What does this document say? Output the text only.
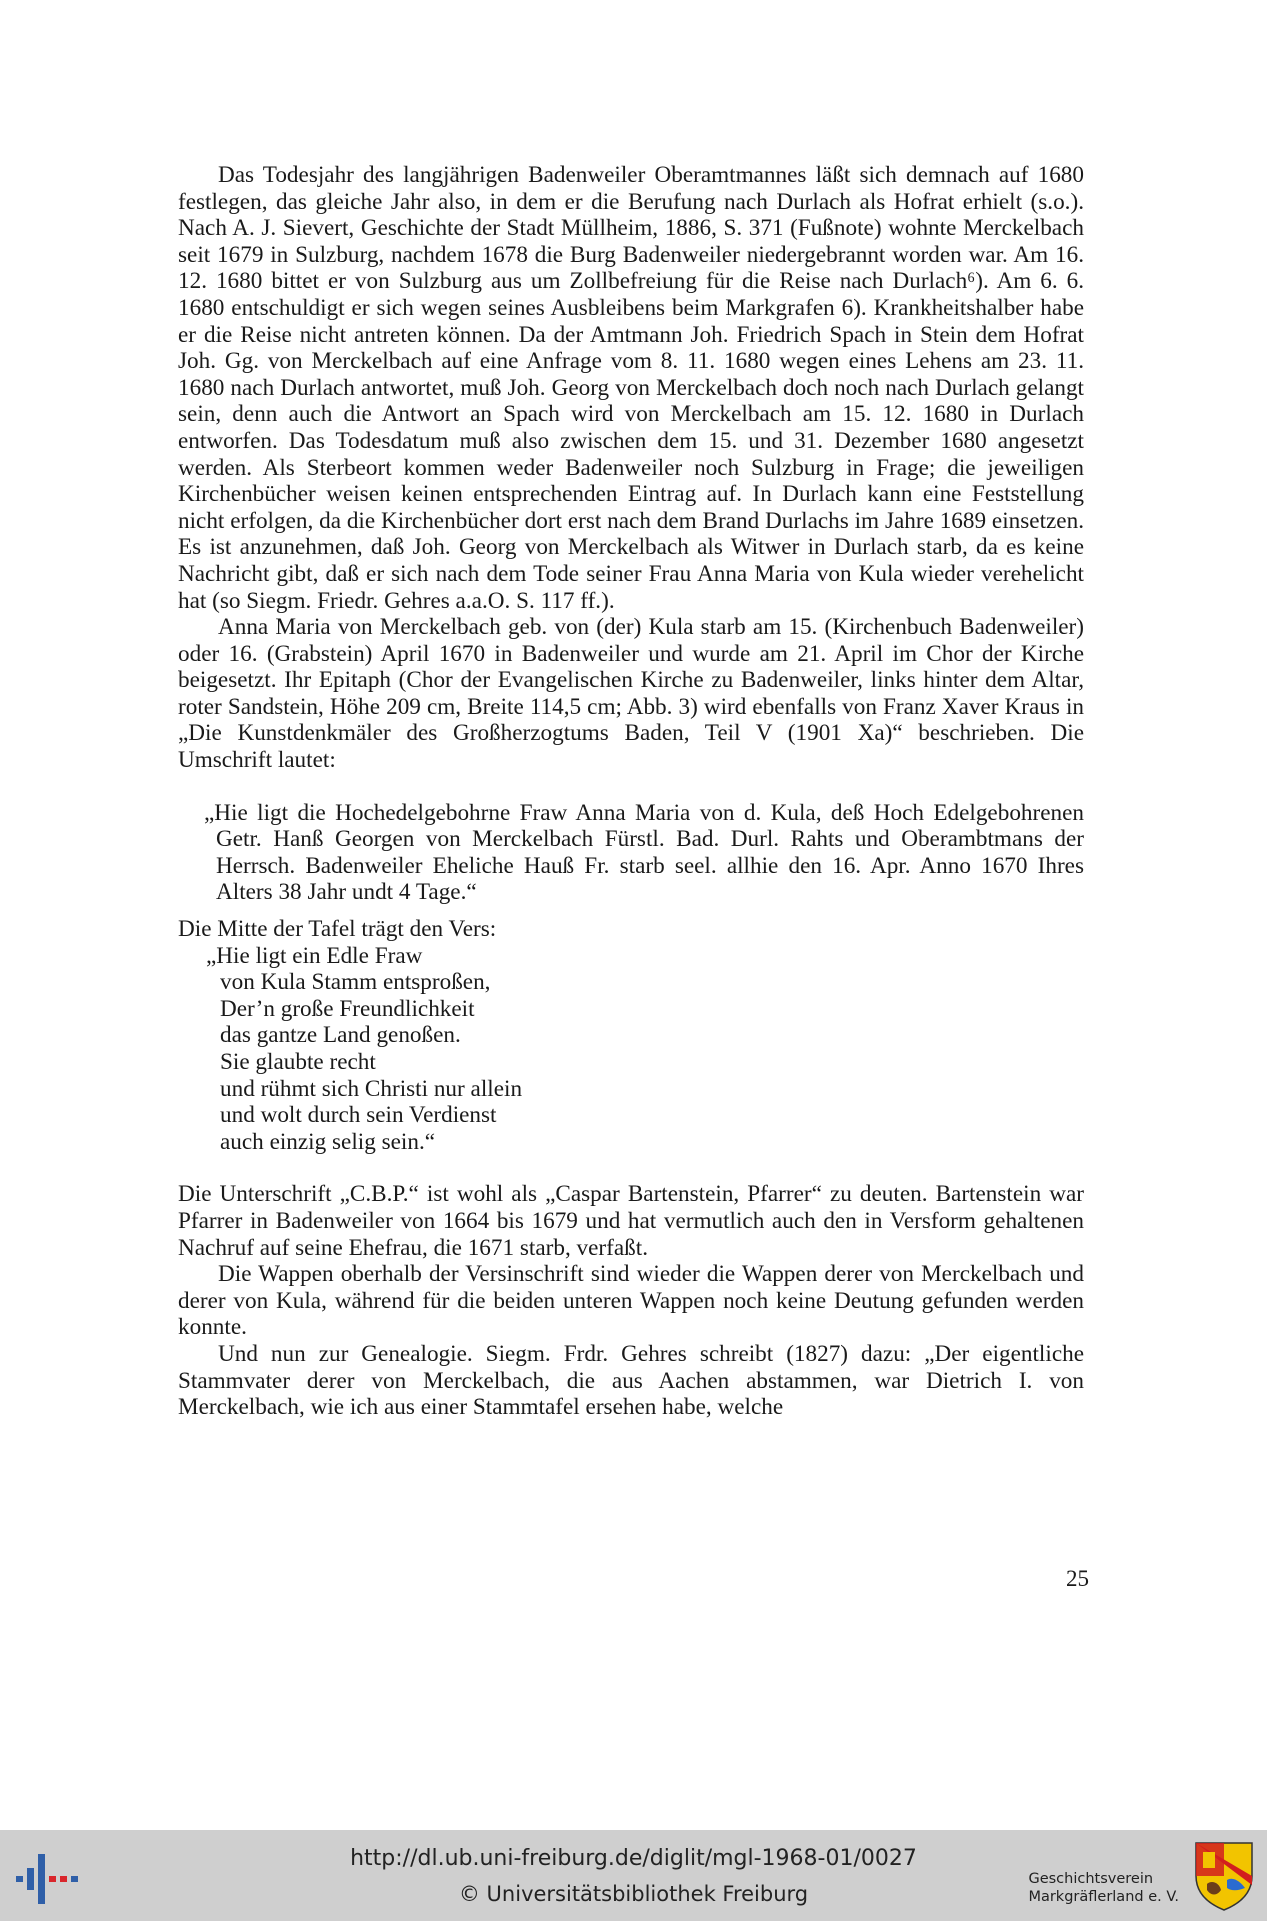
Das Todesjahr des langjährigen Badenweiler Oberamtmannes läßt sich demnach auf 1680 festlegen, das gleiche Jahr also, in dem er die Berufung nach Durlach als Hofrat erhielt (s.o.). Nach A. J. Sievert, Geschichte der Stadt Müllheim, 1886, S. 371 (Fußnote) wohnte Merckelbach seit 1679 in Sulzburg, nachdem 1678 die Burg Badenweiler niedergebrannt worden war. Am 16. 12. 1680 bittet er von Sulzburg aus um Zollbefreiung für die Reise nach Durlach⁶). Am 6. 6. 1680 entschuldigt er sich wegen seines Ausbleibens beim Markgrafen 6). Krankheitshalber habe er die Reise nicht antreten können. Da der Amtmann Joh. Friedrich Spach in Stein dem Hofrat Joh. Gg. von Merckelbach auf eine Anfrage vom 8. 11. 1680 wegen eines Lehens am 23. 11. 1680 nach Durlach antwortet, muß Joh. Georg von Merckelbach doch noch nach Durlach gelangt sein, denn auch die Antwort an Spach wird von Merckelbach am 15. 12. 1680 in Durlach entworfen. Das Todesdatum muß also zwischen dem 15. und 31. Dezember 1680 angesetzt werden. Als Sterbeort kommen weder Badenweiler noch Sulzburg in Frage; die jeweiligen Kirchenbücher weisen keinen entsprechenden Eintrag auf. In Durlach kann eine Feststellung nicht erfolgen, da die Kirchenbücher dort erst nach dem Brand Durlachs im Jahre 1689 einsetzen. Es ist anzunehmen, daß Joh. Georg von Merckelbach als Witwer in Durlach starb, da es keine Nachricht gibt, daß er sich nach dem Tode seiner Frau Anna Maria von Kula wieder verehelicht hat (so Siegm. Friedr. Gehres a.a.O. S. 117 ff.).

Anna Maria von Merckelbach geb. von (der) Kula starb am 15. (Kirchenbuch Badenweiler) oder 16. (Grabstein) April 1670 in Badenweiler und wurde am 21. April im Chor der Kirche beigesetzt. Ihr Epitaph (Chor der Evangelischen Kirche zu Badenweiler, links hinter dem Altar, roter Sandstein, Höhe 209 cm, Breite 114,5 cm; Abb. 3) wird ebenfalls von Franz Xaver Kraus in „Die Kunstdenkmäler des Großherzogtums Baden, Teil V (1901 Xa)“ beschrieben. Die Umschrift lautet:

„Hie ligt die Hochedelgebohrne Fraw Anna Maria von d. Kula, deß Hoch Edelgebohrenen Getr. Hanß Georgen von Merckelbach Fürstl. Bad. Durl. Rahts und Oberambtmans der Herrsch. Badenweiler Eheliche Hauß Fr. starb seel. allhie den 16. Apr. Anno 1670 Ihres Alters 38 Jahr undt 4 Tage.“

Die Mitte der Tafel trägt den Vers:

„Hie ligt ein Edle Fraw
von Kula Stamm entsproßen,
Der’n große Freundlichkeit
das gantze Land genoßen.
Sie glaubte recht
und rühmt sich Christi nur allein
und wolt durch sein Verdienst
auch einzig selig sein.“

Die Unterschrift „C.B.P.“ ist wohl als „Caspar Bartenstein, Pfarrer“ zu deuten. Bartenstein war Pfarrer in Badenweiler von 1664 bis 1679 und hat vermutlich auch den in Versform gehaltenen Nachruf auf seine Ehefrau, die 1671 starb, verfaßt.

Die Wappen oberhalb der Versinschrift sind wieder die Wappen derer von Merckelbach und derer von Kula, während für die beiden unteren Wappen noch keine Deutung gefunden werden konnte.

Und nun zur Genealogie. Siegm. Frdr. Gehres schreibt (1827) dazu: „Der eigentliche Stammvater derer von Merckelbach, die aus Aachen abstammen, war Dietrich I. von Merckelbach, wie ich aus einer Stammtafel ersehen habe, welche

25
http://dl.ub.uni-freiburg.de/diglit/mgl-1968-01/0027
© Universitätsbibliothek Freiburg
Geschichtsverein
Markgräflerland e. V.
